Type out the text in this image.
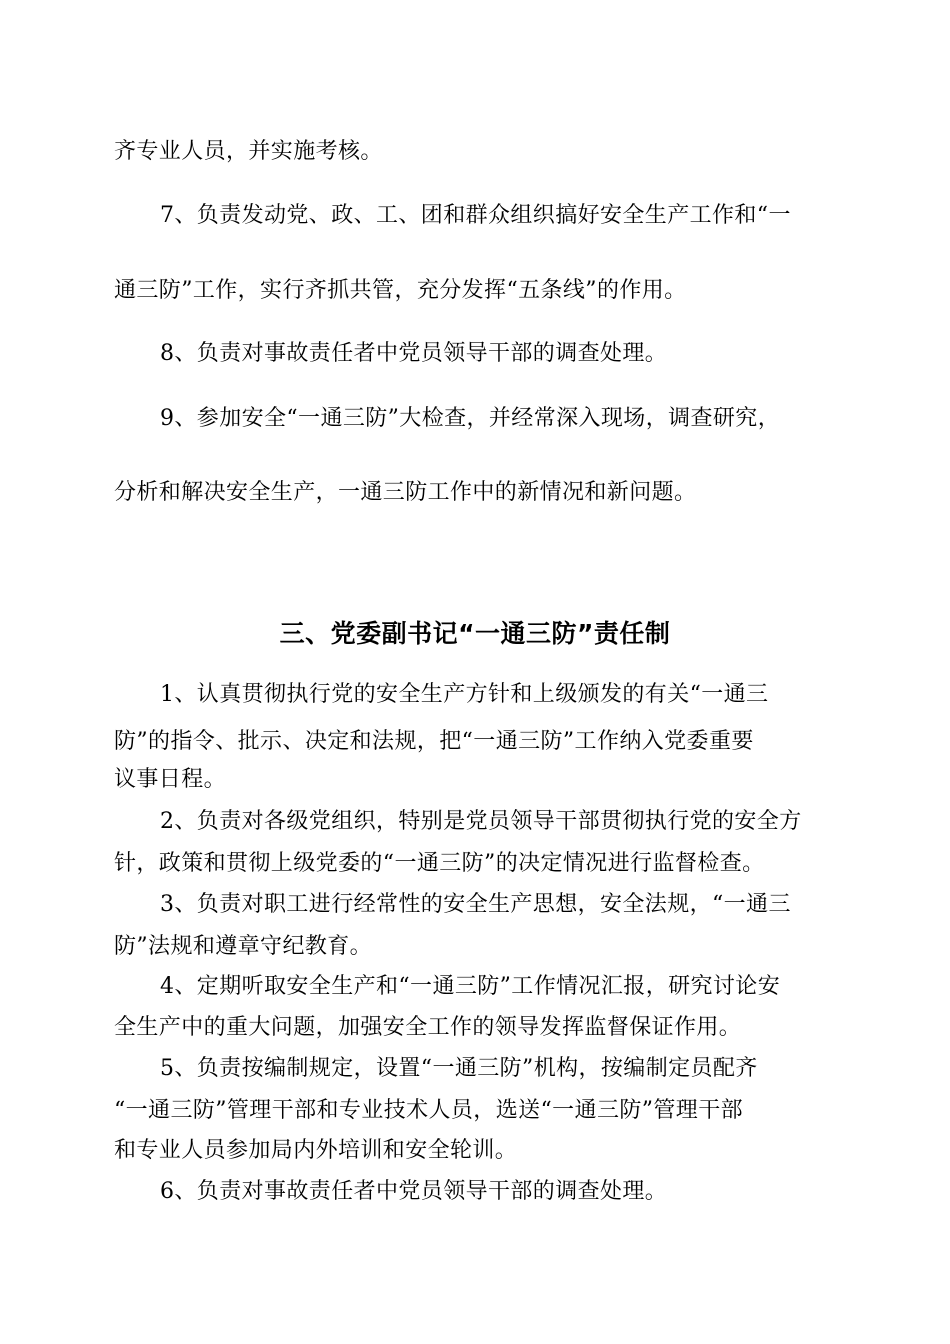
齐专业人员，并实施考核。
7、负责发动党、政、工、团和群众组织搞好安全生产工作和“一
通三防”工作，实行齐抓共管，充分发挥“五条线”的作用。
8、负责对事故责任者中党员领导干部的调查处理。
9、参加安全“一通三防”大检查，并经常深入现场，调查研究，
分析和解决安全生产，一通三防工作中的新情况和新问题。
三、党委副书记“一通三防”责任制
1、认真贯彻执行党的安全生产方针和上级颁发的有关“一通三
防”的指令、批示、决定和法规，把“一通三防”工作纳入党委重要
议事日程。
2、负责对各级党组织，特别是党员领导干部贯彻执行党的安全方
针，政策和贯彻上级党委的“一通三防”的决定情况进行监督检查。
3、负责对职工进行经常性的安全生产思想，安全法规，“一通三
防”法规和遵章守纪教育。
4、定期听取安全生产和“一通三防”工作情况汇报，研究讨论安
全生产中的重大问题，加强安全工作的领导发挥监督保证作用。
5、负责按编制规定，设置“一通三防”机构，按编制定员配齐
“一通三防”管理干部和专业技术人员，选送“一通三防”管理干部
和专业人员参加局内外培训和安全轮训。
6、负责对事故责任者中党员领导干部的调查处理。
